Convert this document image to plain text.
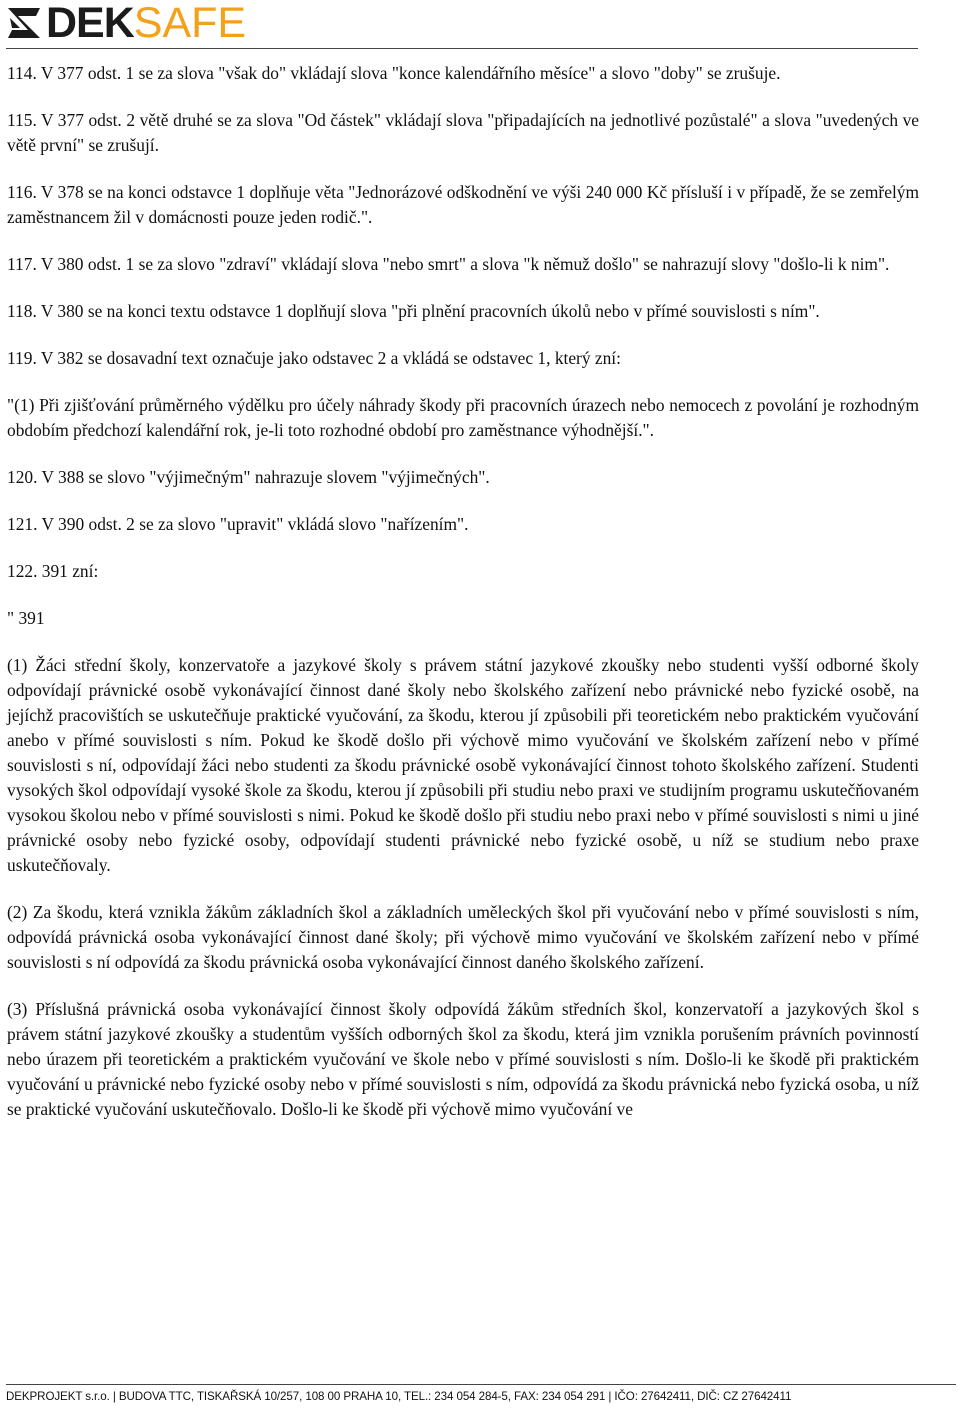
DEK SAFE

114. V 377 odst. 1 se za slova "však do" vkládají slova "konce kalendářního měsíce" a slovo "doby" se zrušuje.

115. V 377 odst. 2 větě druhé se za slova "Od částek" vkládají slova "připadajících na jednotlivé pozůstalé" a slova "uvedených ve větě první" se zrušují.

116. V 378 se na konci odstavce 1 doplňuje věta "Jednorázové odškodnění ve výši 240 000 Kč přísluší i v případě, že se zemřelým zaměstnancem žil v domácnosti pouze jeden rodič.".

117. V 380 odst. 1 se za slovo "zdraví" vkládají slova "nebo smrt" a slova "k němuž došlo" se nahrazují slovy "došlo-li k nim".

118. V 380 se na konci textu odstavce 1 doplňují slova "při plnění pracovních úkolů nebo v přímé souvislosti s ním".

119. V 382 se dosavadní text označuje jako odstavec 2 a vkládá se odstavec 1, který zní:

"(1) Při zjišťování průměrného výdělku pro účely náhrady škody při pracovních úrazech nebo nemocech z povolání je rozhodným obdobím předchozí kalendářní rok, je-li toto rozhodné období pro zaměstnance výhodnější.".

120. V 388 se slovo "výjimečným" nahrazuje slovem "výjimečných".

121. V 390 odst. 2 se za slovo "upravit" vkládá slovo "nařízením".

122. 391 zní:

" 391

(1) Žáci střední školy, konzervatoře a jazykové školy s právem státní jazykové zkoušky nebo studenti vyšší odborné školy odpovídají právnické osobě vykonávající činnost dané školy nebo školského zařízení nebo právnické nebo fyzické osobě, na jejíchž pracovištích se uskutečňuje praktické vyučování, za škodu, kterou jí způsobili při teoretickém nebo praktickém vyučování anebo v přímé souvislosti s ním. Pokud ke škodě došlo při výchově mimo vyučování ve školském zařízení nebo v přímé souvislosti s ní, odpovídají žáci nebo studenti za škodu právnické osobě vykonávající činnost tohoto školského zařízení. Studenti vysokých škol odpovídají vysoké škole za škodu, kterou jí způsobili při studiu nebo praxi ve studijním programu uskutečňovaném vysokou školou nebo v přímé souvislosti s nimi. Pokud ke škodě došlo při studiu nebo praxi nebo v přímé souvislosti s nimi u jiné právnické osoby nebo fyzické osoby, odpovídají studenti právnické nebo fyzické osobě, u níž se studium nebo praxe uskutečňovaly.

(2) Za škodu, která vznikla žákům základních škol a základních uměleckých škol při vyučování nebo v přímé souvislosti s ním, odpovídá právnická osoba vykonávající činnost dané školy; při výchově mimo vyučování ve školském zařízení nebo v přímé souvislosti s ní odpovídá za škodu právnická osoba vykonávající činnost daného školského zařízení.

(3) Příslušná právnická osoba vykonávající činnost školy odpovídá žákům středních škol, konzervatoří a jazykových škol s právem státní jazykové zkoušky a studentům vyšších odborných škol za škodu, která jim vznikla porušením právních povinností nebo úrazem při teoretickém a praktickém vyučování ve škole nebo v přímé souvislosti s ním. Došlo-li ke škodě při praktickém vyučování u právnické nebo fyzické osoby nebo v přímé souvislosti s ním, odpovídá za škodu právnická nebo fyzická osoba, u níž se praktické vyučování uskutečňovalo. Došlo-li ke škodě při výchově mimo vyučování ve

DEKPROJEKT s.r.o. | BUDOVA TTC, TISKAŘSKÁ 10/257, 108 00 PRAHA 10, TEL.: 234 054 284-5, FAX: 234 054 291 | IČO: 27642411, DIČ: CZ 27642411
